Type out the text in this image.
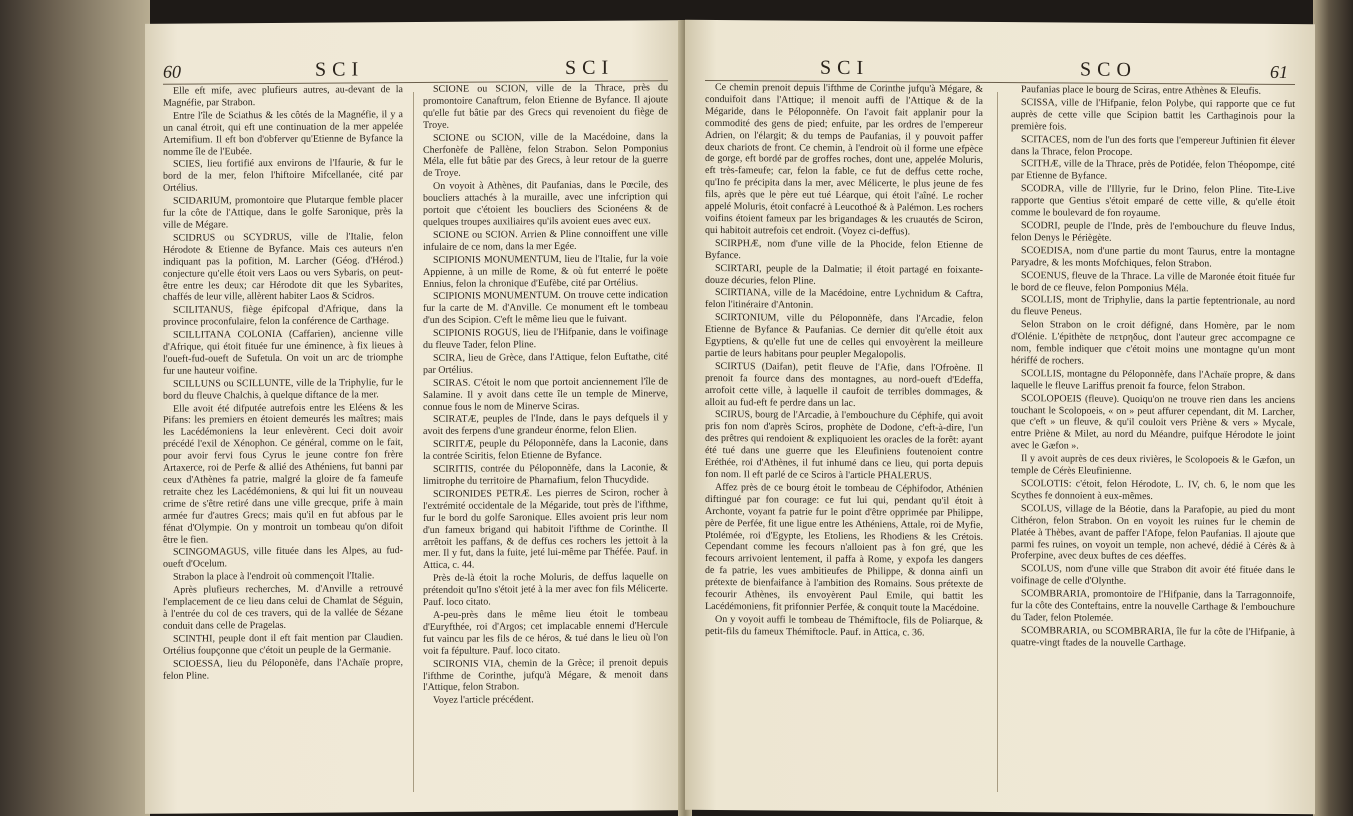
60	SCI	SCI

Elle eft mife, avec plufieurs autres, au-devant de la Magnéfie, par Strabon.

Entre l'île de Sciathus & les côtés de la Magnéfie, il y a un canal étroit, qui eft une continuation de la mer appelée Artemifium. Il eft bon d'obferver qu'Etienne de Byfance la nomme île de l'Eubée.

SCIES, lieu fortifié aux environs de l'Ifaurie, & fur le bord de la mer, felon l'hiftoire Mifcellanée, cité par Ortélius.

SCIDARIUM, promontoire que Plutarque femble placer fur la côte de l'Attique, dans le golfe Saronique, près la ville de Mégare.

SCIDRUS ou SCYDRUS, ville de l'Italie, felon Hérodote & Etienne de Byfance. Mais ces auteurs n'en indiquant pas la pofition, M. Larcher (Géog. d'Hérod.) conjecture qu'elle étoit vers Laos ou vers Sybaris, on peut-être entre les deux; car Hérodote dit que les Sybarites, chaffés de leur ville, allèrent habiter Laos & Scidros.

SCILITANUS, fiège épifcopal d'Afrique, dans la province proconfulaire, felon la conférence de Carthage.

SCILLITANA COLONIA (Caffarien), ancienne ville d'Afrique, qui étoit fituée fur une éminence, à fix lieues à l'oueft-fud-oueft de Sufetula. On voit un arc de triomphe fur une hauteur voifine.

SCILLUNS ou SCILLUNTE, ville de la Triphylie, fur le bord du fleuve Chalchis, à quelque diftance de la mer.

Elle avoit été difputée autrefois entre les Eléens & les Pifans: les premiers en étoient demeurés les maîtres; mais les Lacédémoniens la leur enlevèrent. Ceci doit avoir précédé l'exil de Xénophon. Ce général, comme on le fait, pour avoir fervi fous Cyrus le jeune contre fon frère Artaxerce, roi de Perfe & allié des Athéniens, fut banni par ceux d'Athènes fa patrie, malgré la gloire de fa fameufe retraite chez les Lacédémoniens, & qui lui fit un nouveau crime de s'être retiré dans une ville grecque, prife à main armée fur d'autres Grecs; mais qu'il en fut abfous par le fénat d'Olympie. On y montroit un tombeau qu'on difoit être le fien.

SCINGOMAGUS, ville fituée dans les Alpes, au fud-oueft d'Ocelum.

Strabon la place à l'endroit où commençoit l'Italie.

Après plufieurs recherches, M. d'Anville a retrouvé l'emplacement de ce lieu dans celui de Chamlat de Séguin, à l'entrée du col de ces travers, qui de la vallée de Sézane conduit dans celle de Pragelas.

SCINTHI, peuple dont il eft fait mention par Claudien. Ortélius foupçonne que c'étoit un peuple de la Germanie.

SCIOESSA, lieu du Péloponèfe, dans l'Achaïe propre, felon Pline.

SCIONE ou SCION, ville de la Thrace, près du promontoire Canaftrum, felon Etienne de Byfance. Il ajoute qu'elle fut bâtie par des Grecs qui revenoient du fiège de Troye.

SCIONE ou SCION, ville de la Macédoine, dans la Cherfonèfe de Pallène, felon Strabon. Selon Pomponius Méla, elle fut bâtie par des Grecs, à leur retour de la guerre de Troye.

On voyoit à Athènes, dit Paufanias, dans le Pœcile, des boucliers attachés à la muraille, avec une infcription qui portoit que c'étoient les boucliers des Scionéens & de quelques troupes auxiliaires qu'ils avoient eues avec eux.

SCIONE ou SCION. Arrien & Pline connoiffent une ville infulaire de ce nom, dans la mer Egée.

SCIPIONIS MONUMENTUM, lieu de l'Italie, fur la voie Appienne, à un mille de Rome, & où fut enterré le poëte Ennius, felon la chronique d'Eufèbe, cité par Ortélius.

SCIPIONIS MONUMENTUM. On trouve cette indication fur la carte de M. d'Anville. Ce monument eft le tombeau d'un des Scipion. C'eft le même lieu que le fuivant.

SCIPIONIS ROGUS, lieu de l'Hifpanie, dans le voifinage du fleuve Tader, felon Pline.

SCIRA, lieu de Grèce, dans l'Attique, felon Euftathe, cité par Ortélius.

SCIRAS. C'étoit le nom que portoit anciennement l'île de Salamine. Il y avoit dans cette île un temple de Minerve, connue fous le nom de Minerve Sciras.

SCIRATÆ, peuples de l'Inde, dans le pays defquels il y avoit des ferpens d'une grandeur énorme, felon Elien.

SCIRITÆ, peuple du Péloponnèfe, dans la Laconie, dans la contrée Sciritis, felon Etienne de Byfance.

SCIRITIS, contrée du Péloponnèfe, dans la Laconie, & limitrophe du territoire de Pharnafium, felon Thucydide.

SCIRONIDES PETRÆ. Les pierres de Sciron, rocher à l'extrémité occidentale de la Mégaride, tout près de l'ifthme, fur le bord du golfe Saronique. Elles avoient pris leur nom d'un fameux brigand qui habitoit l'ifthme de Corinthe. Il arrêtoit les paffans, & de deffus ces rochers les jettoit à la mer. Il y fut, dans la fuite, jeté lui-même par Théfée. Pauf. in Attica, c. 44.

Près de-là étoit la roche Moluris, de deffus laquelle on prétendoit qu'Ino s'étoit jeté à la mer avec fon fils Mélicerte. Pauf. loco citato.

A-peu-près dans le même lieu étoit le tombeau d'Euryfthée, roi d'Argos; cet implacable ennemi d'Hercule fut vaincu par les fils de ce héros, & tué dans le lieu où l'on voit fa fépulture. Pauf. loco citato.

SCIRONIS VIA, chemin de la Grèce; il prenoit depuis l'ifthme de Corinthe, jufqu'à Mégare, & menoit dans l'Attique, felon Strabon.

Voyez l'article précédent.

SCI	SCO	61

Ce chemin prenoit depuis l'ifthme de Corinthe jufqu'à Mégare, & conduifoit dans l'Attique; il menoit auffi de l'Attique & de la Mégaride, dans le Péloponnèfe. On l'avoit fait applanir pour la commodité des gens de pied; enfuite, par les ordres de l'empereur Adrien, on l'élargit; & du temps de Paufanias, il y pouvoit paffer deux chariots de front. Ce chemin, à l'endroit où il forme une efpèce de gorge, eft bordé par de groffes roches, dont une, appelée Moluris, eft très-fameufe; car, felon la fable, ce fut de deffus cette roche, qu'Ino fe précipita dans la mer, avec Mélicerte, le plus jeune de fes fils, après que le père eut tué Léarque, qui étoit l'aîné. Le rocher appelé Moluris, étoit confacré à Leucothoé & à Palémon. Les rochers voifins étoient fameux par les brigandages & les cruautés de Sciron, qui habitoit autrefois cet endroit. (Voyez ci-deffus).

SCIRPHÆ, nom d'une ville de la Phocide, felon Etienne de Byfance.

SCIRTARI, peuple de la Dalmatie; il étoit partagé en foixante-douze décuries, felon Pline.

SCIRTIANA, ville de la Macédoine, entre Lychnidum & Caftra, felon l'itinéraire d'Antonin.

SCIRTONIUM, ville du Péloponnèfe, dans l'Arcadie, felon Etienne de Byfance & Paufanias. Ce dernier dit qu'elle étoit aux Egyptiens, & qu'elle fut une de celles qui envoyèrent la meilleure partie de leurs habitans pour peupler Megalopolis.

SCIRTUS (Daifan), petit fleuve de l'Afie, dans l'Ofroène. Il prenoit fa fource dans des montagnes, au nord-oueft d'Edeffa, arrofoit cette ville, à laquelle il caufoit de terribles dommages, & alloit au fud-eft fe perdre dans un lac.

SCIRUS, bourg de l'Arcadie, à l'embouchure du Céphife, qui avoit pris fon nom d'après Sciros, prophète de Dodone, c'eft-à-dire, l'un des prêtres qui rendoient & expliquoient les oracles de la forêt: ayant été tué dans une guerre que les Eleufiniens foutenoient contre Eréthée, roi d'Athènes, il fut inhumé dans ce lieu, qui porta depuis fon nom. Il eft parlé de ce Sciros à l'article PHALERUS.

Affez près de ce bourg étoit le tombeau de Céphifodor, Athénien diftingué par fon courage: ce fut lui qui, pendant qu'il étoit à Archonte, voyant fa patrie fur le point d'être opprimée par Philippe, père de Perfée, fit une ligue entre les Athéniens, Attale, roi de Myfie, Ptolémée, roi d'Egypte, les Etoliens, les Rhodiens & les Crétois. Cependant comme les fecours n'alloient pas à fon gré, que les fecours arrivoient lentement, il paffa à Rome, y expofa les dangers de fa patrie, les vues ambitieufes de Philippe, & donna ainfi un prétexte de bienfaifance à l'ambition des Romains. Sous prétexte de fecourir Athènes, ils envoyèrent Paul Emile, qui battit les Lacédémoniens, fit prifonnier Perfée, & conquit toute la Macédoine.

On y voyoit auffi le tombeau de Thémiftocle, fils de Poliarque, & petit-fils du fameux Thémiftocle. Pauf. in Attica, c. 36.

Paufanias place le bourg de Sciras, entre Athènes & Eleufis.

SCISSA, ville de l'Hifpanie, felon Polybe, qui rapporte que ce fut auprès de cette ville que Scipion battit les Carthaginois pour la première fois.

SCITACES, nom de l'un des forts que l'empereur Juftinien fit élever dans la Thrace, felon Procope.

SCITHÆ, ville de la Thrace, près de Potidée, felon Théopompe, cité par Etienne de Byfance.

SCODRA, ville de l'Illyrie, fur le Drino, felon Pline. Tite-Live rapporte que Gentius s'étoit emparé de cette ville, & qu'elle étoit comme le boulevard de fon royaume.

SCODRI, peuple de l'Inde, près de l'embouchure du fleuve Indus, felon Denys le Périègète.

SCOEDISA, nom d'une partie du mont Taurus, entre la montagne Paryadre, & les monts Mofchiques, felon Strabon.

SCOENUS, fleuve de la Thrace. La ville de Maronée étoit fituée fur le bord de ce fleuve, felon Pomponius Méla.

SCOLLIS, mont de Triphylie, dans la partie feptentrionale, au nord du fleuve Peneus.

Selon Strabon on le croit défigné, dans Homère, par le nom d'Olénie. L'épithète de πετρηδυς, dont l'auteur grec accompagne ce nom, femble indiquer que c'étoit moins une montagne qu'un mont hériffé de rochers.

SCOLLIS, montagne du Péloponnèfe, dans l'Achaïe propre, & dans laquelle le fleuve Lariffus prenoit fa fource, felon Strabon.

SCOLOPOEIS (fleuve). Quoiqu'on ne trouve rien dans les anciens touchant le Scolopoeis, « on » peut affurer cependant, dit M. Larcher, que c'eft » un fleuve, & qu'il couloit vers Priène & vers » Mycale, entre Priène & Milet, au nord du Méandre, puifque Hérodote le joint avec le Gæfon ».

Il y avoit auprès de ces deux rivières, le Scolopoeis & le Gæfon, un temple de Cérès Eleufinienne.

SCOLOTIS: c'étoit, felon Hérodote, L. IV, ch. 6, le nom que les Scythes fe donnoient à eux-mêmes.

SCOLUS, village de la Béotie, dans la Parafopie, au pied du mont Cithéron, felon Strabon. On en voyoit les ruines fur le chemin de Platée à Thèbes, avant de paffer l'Afope, felon Paufanias. Il ajoute que parmi fes ruines, on voyoit un temple, non achevé, dédié à Cérès & à Proferpine, avec deux buftes de ces déeffes.

SCOLUS, nom d'une ville que Strabon dit avoir été fituée dans le voifinage de celle d'Olynthe.

SCOMBRARIA, promontoire de l'Hifpanie, dans la Tarragonnoife, fur la côte des Conteftains, entre la nouvelle Carthage & l'embouchure du Tader, felon Ptolemée.

SCOMBRARIA, ou SCOMBRARIA, île fur la côte de l'Hifpanie, à quatre-vingt ftades de la nouvelle Carthage.
